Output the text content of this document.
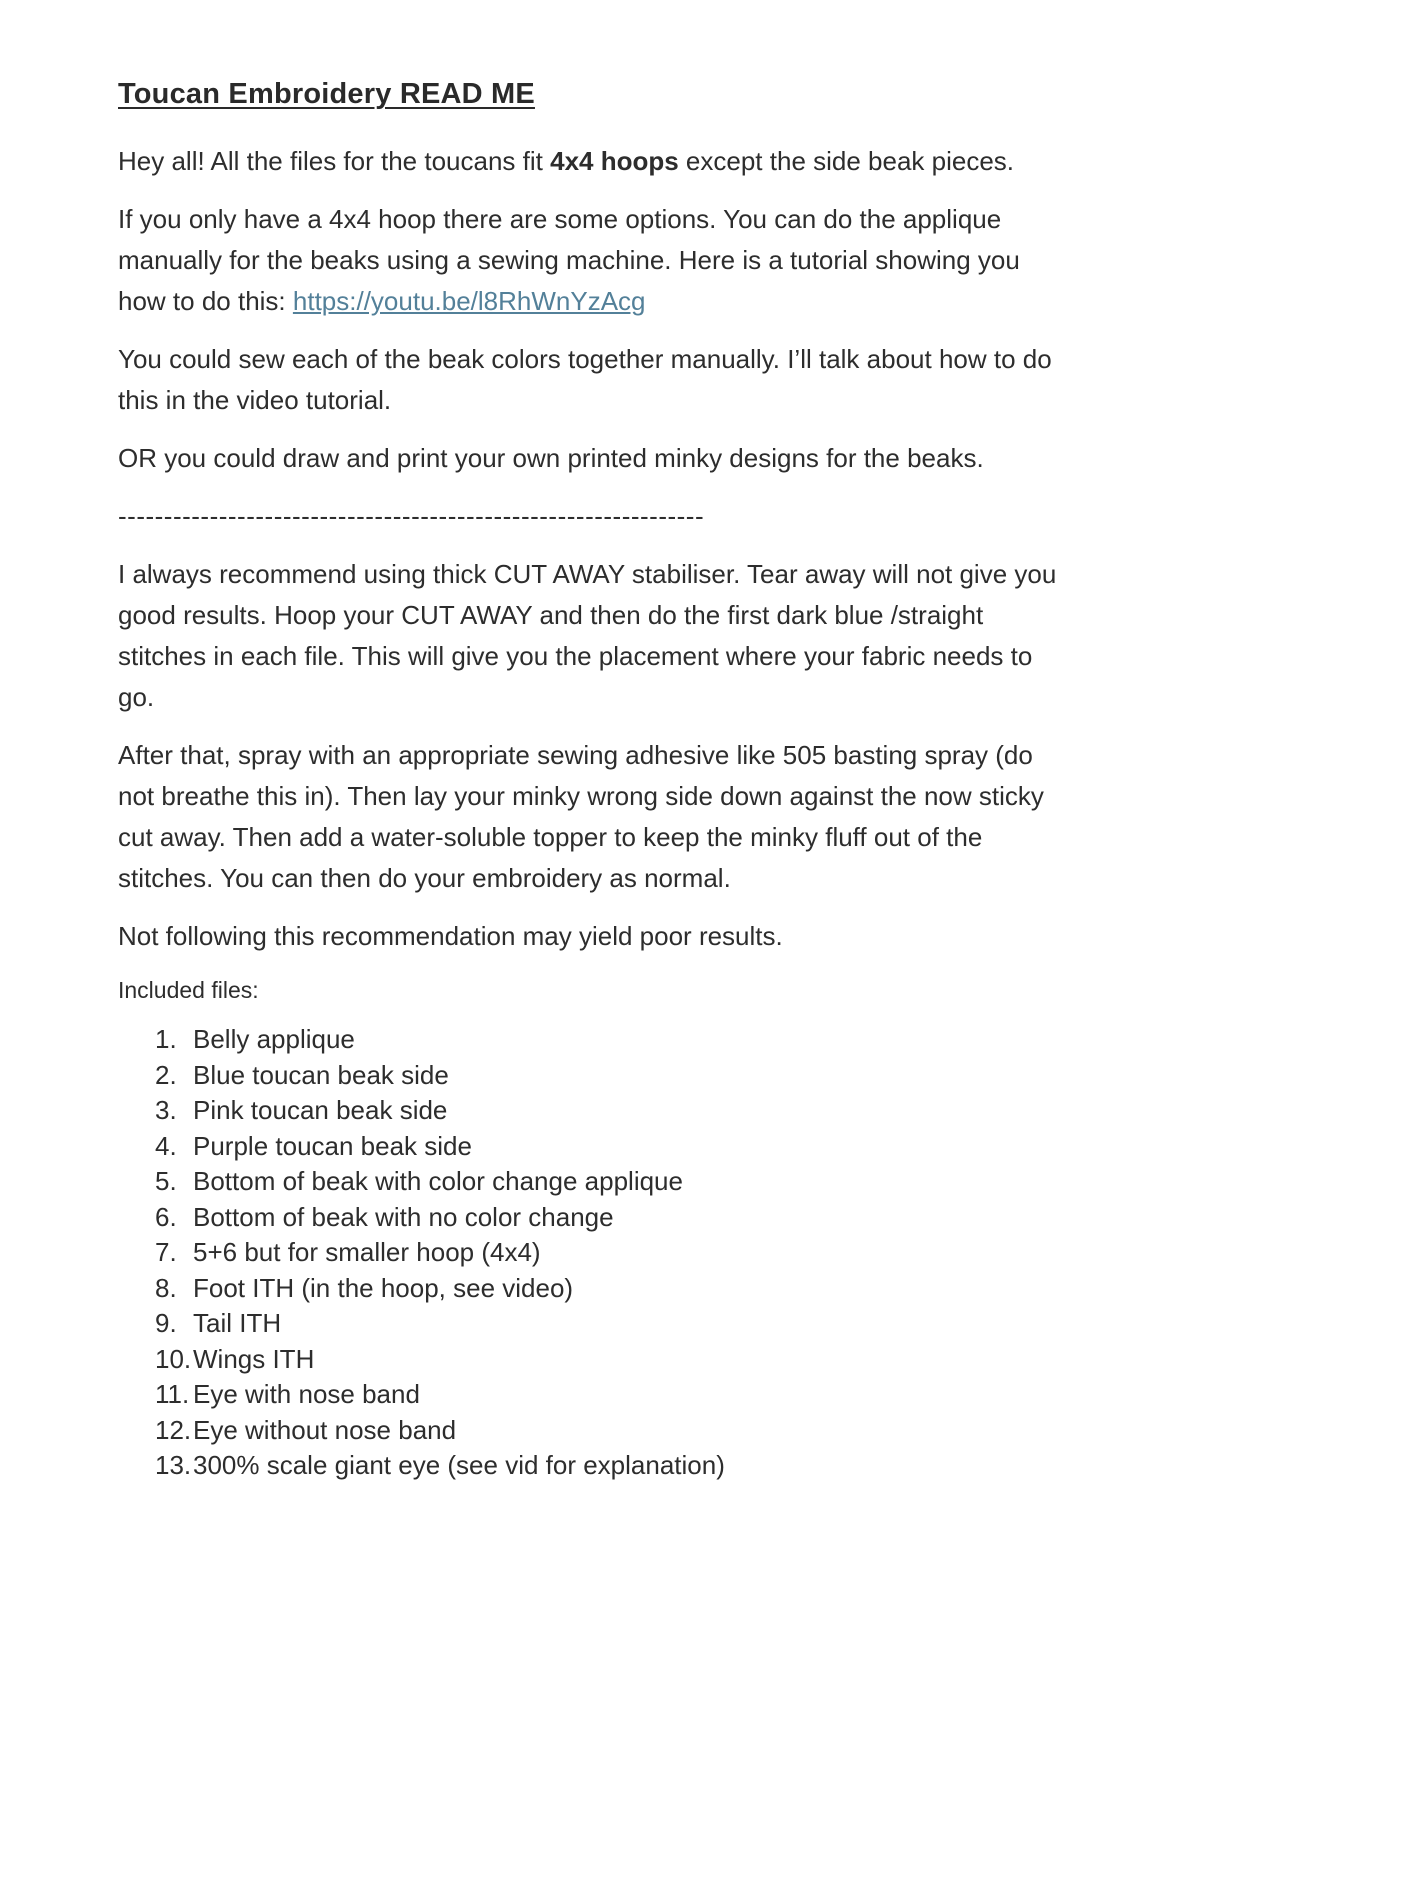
Toucan Embroidery READ ME

Hey all! All the files for the toucans fit 4x4 hoops except the side beak pieces.

If you only have a 4x4 hoop there are some options. You can do the applique manually for the beaks using a sewing machine. Here is a tutorial showing you how to do this: https://youtu.be/l8RhWnYzAcg

You could sew each of the beak colors together manually. I’ll talk about how to do this in the video tutorial.

OR you could draw and print your own printed minky designs for the beaks.

----------------------------------------------------------------

I always recommend using thick CUT AWAY stabiliser. Tear away will not give you good results. Hoop your CUT AWAY and then do the first dark blue /straight stitches in each file. This will give you the placement where your fabric needs to go.

After that, spray with an appropriate sewing adhesive like 505 basting spray (do not breathe this in). Then lay your minky wrong side down against the now sticky cut away. Then add a water-soluble topper to keep the minky fluff out of the stitches. You can then do your embroidery as normal.

Not following this recommendation may yield poor results.

Included files:

1. Belly applique
2. Blue toucan beak side
3. Pink toucan beak side
4. Purple toucan beak side
5. Bottom of beak with color change applique
6. Bottom of beak with no color change
7. 5+6 but for smaller hoop (4x4)
8. Foot ITH (in the hoop, see video)
9. Tail ITH
10. Wings ITH
11. Eye with nose band
12. Eye without nose band
13. 300% scale giant eye (see vid for explanation)
